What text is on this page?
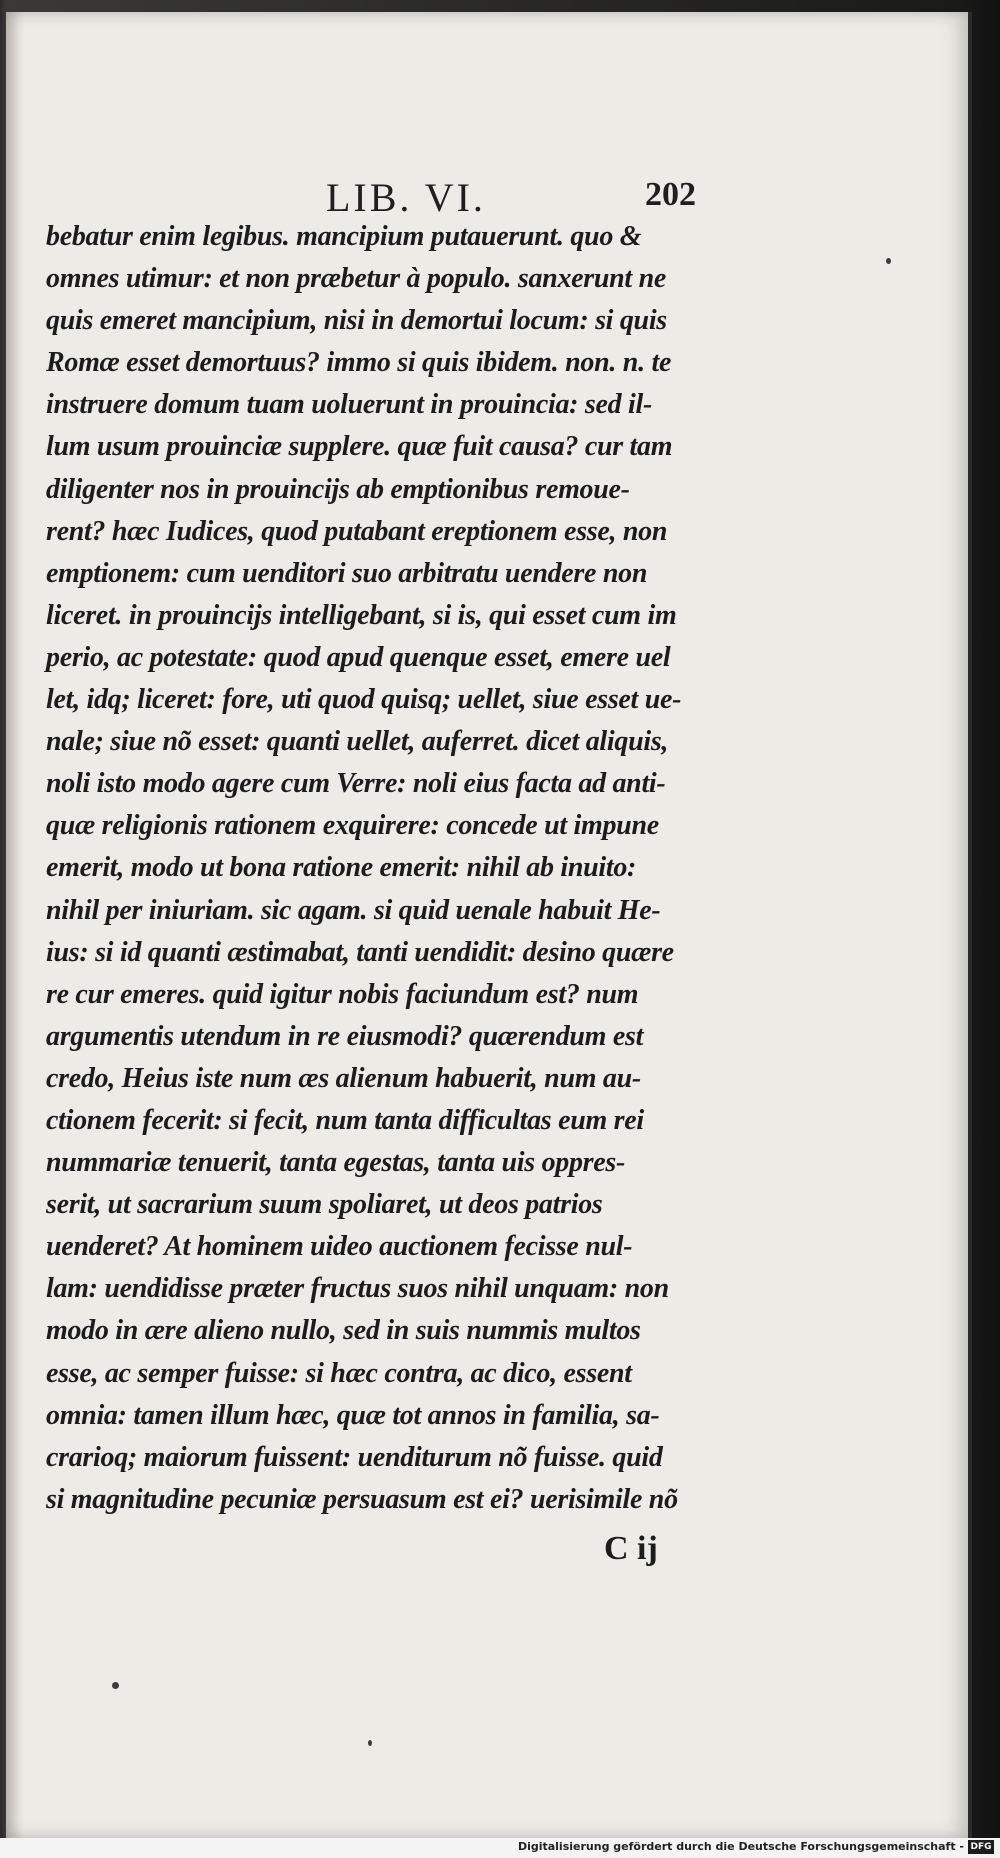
LIB. VI.	202
bebatur enim legibus. mancipium putauerunt. quo &
omnes utimur: et non præbetur à populo. sanxerunt ne
quis emeret mancipium, nisi in demortui locum: si quis
Romæ esset demortuus? immo si quis ibidem. non. n. te
instruere domum tuam uoluerunt in prouincia: sed il-
lum usum prouinciæ supplere. quæ fuit causa? cur tam
diligenter nos in prouincijs ab emptionibus remoue-
rent? hæc Iudices, quod putabant ereptionem esse, non
emptionem: cum uenditori suo arbitratu uendere non
liceret. in prouincijs intelligebant, si is, qui esset cum im
perio, ac potestate: quod apud quenque esset, emere uel
let, idq; liceret: fore, uti quod quisq; uellet, siue esset ue-
nale; siue nõ esset: quanti uellet, auferret. dicet aliquis,
noli isto modo agere cum Verre: noli eius facta ad anti-
quæ religionis rationem exquirere: concede ut impune
emerit, modo ut bona ratione emerit: nihil ab inuito:
nihil per iniuriam. sic agam. si quid uenale habuit He-
ius: si id quanti æstimabat, tanti uendidit: desino quære
re cur emeres. quid igitur nobis faciundum est? num
argumentis utendum in re eiusmodi? quærendum est
credo, Heius iste num æs alienum habuerit, num au-
ctionem fecerit: si fecit, num tanta difficultas eum rei
nummariæ tenuerit, tanta egestas, tanta uis oppres-
serit, ut sacrarium suum spoliaret, ut deos patrios
uenderet? At hominem uideo auctionem fecisse nul-
lam: uendidisse præter fructus suos nihil unquam: non
modo in ære alieno nullo, sed in suis nummis multos
esse, ac semper fuisse: si hæc contra, ac dico, essent
omnia: tamen illum hæc, quæ tot annos in familia, sa-
crarioq; maiorum fuissent: uenditurum nõ fuisse. quid
si magnitudine pecuniæ persuasum est ei? uerisimile nõ
C ij
Digitalisierung gefördert durch die Deutsche Forschungsgemeinschaft - DFG
